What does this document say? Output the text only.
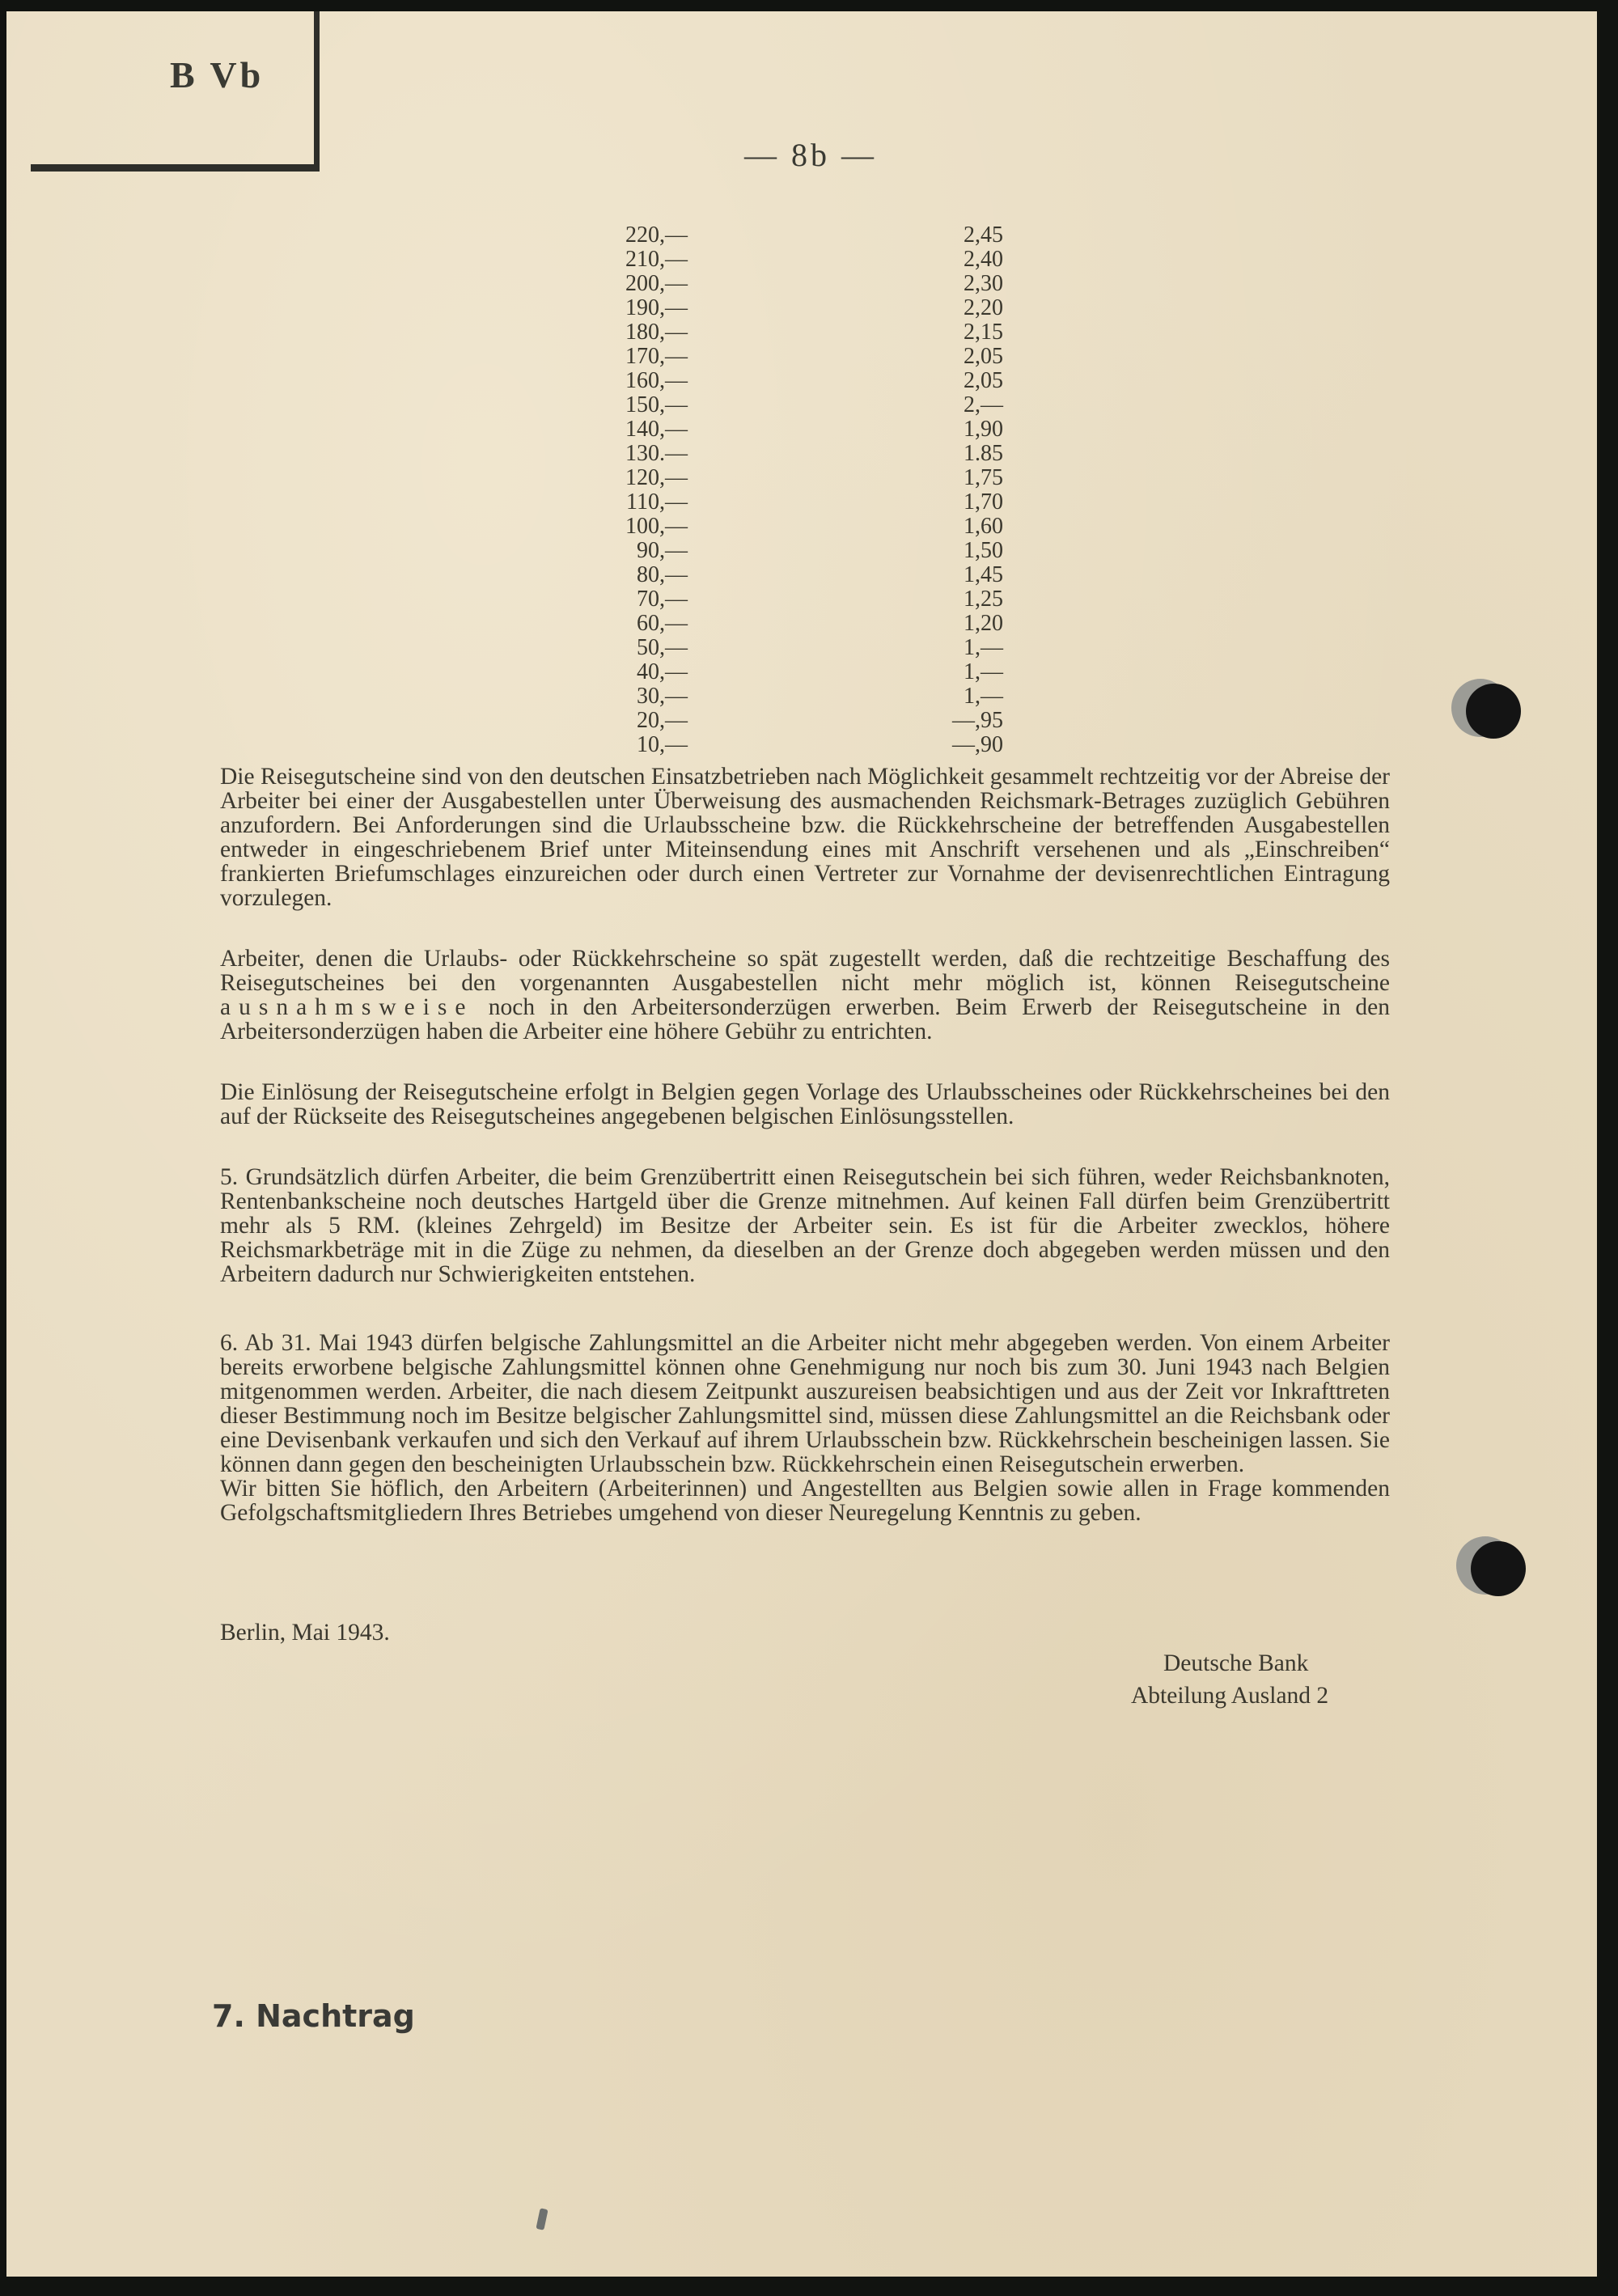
B Vb
— 8b —
220,—	2,45
210,—	2,40
200,—	2,30
190,—	2,20
180,—	2,15
170,—	2,05
160,—	2,05
150,—	2,—
140,—	1,90
130.—	1.85
120,—	1,75
110,—	1,70
100,—	1,60
90,—	1,50
80,—	1,45
70,—	1,25
60,—	1,20
50,—	1,—
40,—	1,—
30,—	1,—
20,—	—,95
10,—	—,90
Die Reisegutscheine sind von den deutschen Einsatzbetrieben nach Möglichkeit gesammelt rechtzeitig vor der Abreise der Arbeiter bei einer der Ausgabestellen unter Überweisung des ausmachenden Reichsmark-Betrages zuzüglich Gebühren anzufordern. Bei Anforderungen sind die Urlaubsscheine bzw. die Rückkehrscheine der betreffenden Ausgabestellen entweder in eingeschriebenem Brief unter Miteinsendung eines mit Anschrift versehenen und als „Einschreiben“ frankierten Briefumschlages einzureichen oder durch einen Vertreter zur Vornahme der devisenrechtlichen Eintragung vorzulegen.
Arbeiter, denen die Urlaubs- oder Rückkehrscheine so spät zugestellt werden, daß die rechtzeitige Beschaffung des Reisegutscheines bei den vorgenannten Ausgabestellen nicht mehr möglich ist, können Reisegutscheine ausnahmsweise noch in den Arbeitersonderzügen erwerben. Beim Erwerb der Reisegutscheine in den Arbeitersonderzügen haben die Arbeiter eine höhere Gebühr zu entrichten.
Die Einlösung der Reisegutscheine erfolgt in Belgien gegen Vorlage des Urlaubsscheines oder Rückkehrscheines bei den auf der Rückseite des Reisegutscheines angegebenen belgischen Einlösungsstellen.
5. Grundsätzlich dürfen Arbeiter, die beim Grenzübertritt einen Reisegutschein bei sich führen, weder Reichsbanknoten, Rentenbankscheine noch deutsches Hartgeld über die Grenze mitnehmen. Auf keinen Fall dürfen beim Grenzübertritt mehr als 5 RM. (kleines Zehrgeld) im Besitze der Arbeiter sein. Es ist für die Arbeiter zwecklos, höhere Reichsmarkbeträge mit in die Züge zu nehmen, da dieselben an der Grenze doch abgegeben werden müssen und den Arbeitern dadurch nur Schwierigkeiten entstehen.
6. Ab 31. Mai 1943 dürfen belgische Zahlungsmittel an die Arbeiter nicht mehr abgegeben werden. Von einem Arbeiter bereits erworbene belgische Zahlungsmittel können ohne Genehmigung nur noch bis zum 30. Juni 1943 nach Belgien mitgenommen werden. Arbeiter, die nach diesem Zeitpunkt auszureisen beabsichtigen und aus der Zeit vor Inkrafttreten dieser Bestimmung noch im Besitze belgischer Zahlungsmittel sind, müssen diese Zahlungsmittel an die Reichsbank oder eine Devisenbank verkaufen und sich den Verkauf auf ihrem Urlaubsschein bzw. Rückkehrschein bescheinigen lassen. Sie können dann gegen den bescheinigten Urlaubsschein bzw. Rückkehrschein einen Reisegutschein erwerben.
Wir bitten Sie höflich, den Arbeitern (Arbeiterinnen) und Angestellten aus Belgien sowie allen in Frage kommenden Gefolgschaftsmitgliedern Ihres Betriebes umgehend von dieser Neuregelung Kenntnis zu geben.
Berlin, Mai 1943.
Deutsche Bank
Abteilung Ausland 2
7. Nachtrag
